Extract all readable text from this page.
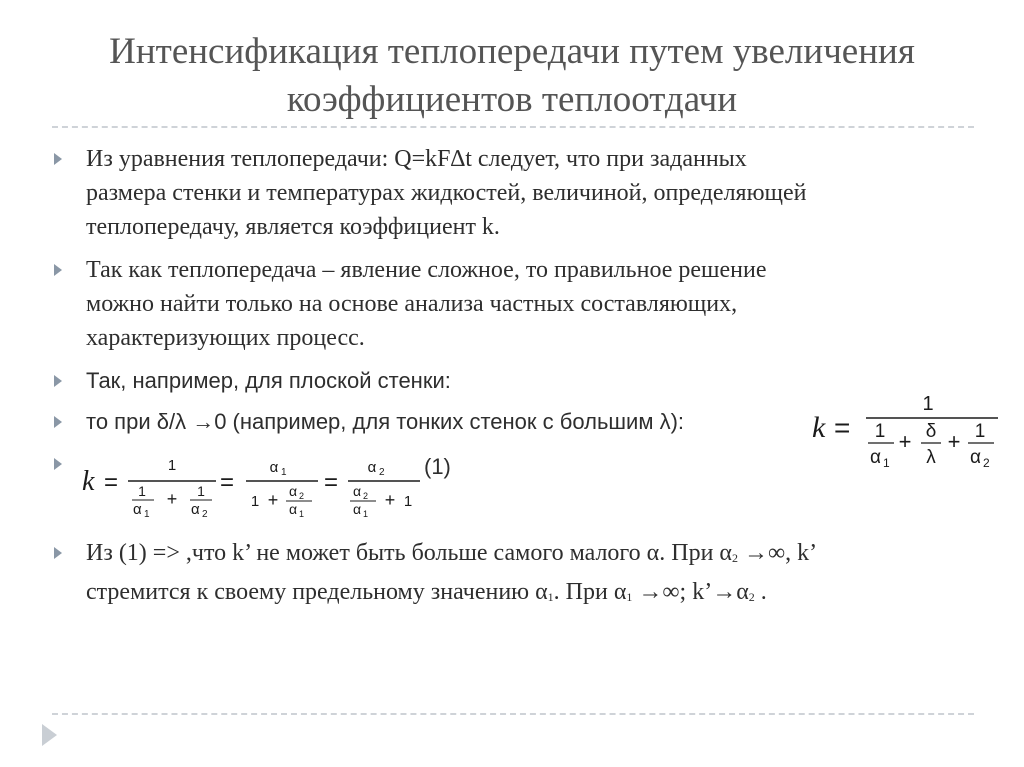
Интенсификация теплопередачи путем увеличения
коэффициентов теплоотдачи
Из уравнения теплопередачи: Q=kF∆t следует, что при заданных
размера стенки и температурах жидкостей, величиной, определяющей
теплопередачу, является коэффициент k.
Так как теплопередача – явление сложное, то правильное решение
можно найти только на основе анализа частных составляющих,
характеризующих процесс.
Так, например, для плоской стенки:
то при δ/λ →0 (например, для тонких стенок с большим λ):	k =
1
1
α 1
+ δ
λ
+ 1
α 2
k =
1
1
α 1
+ 1
α 2
=
α 1
1 + α 2
α 1
=
α 2
α 2
α 1
+ 1
(1)
Из (1) => ,что k’ не может быть больше самого малого α. При $\alpha_2$ →∞, k’
стремится к своему предельному значению $\alpha_1$. При $\alpha_1$ →∞; $k’\to\alpha_2$ .
